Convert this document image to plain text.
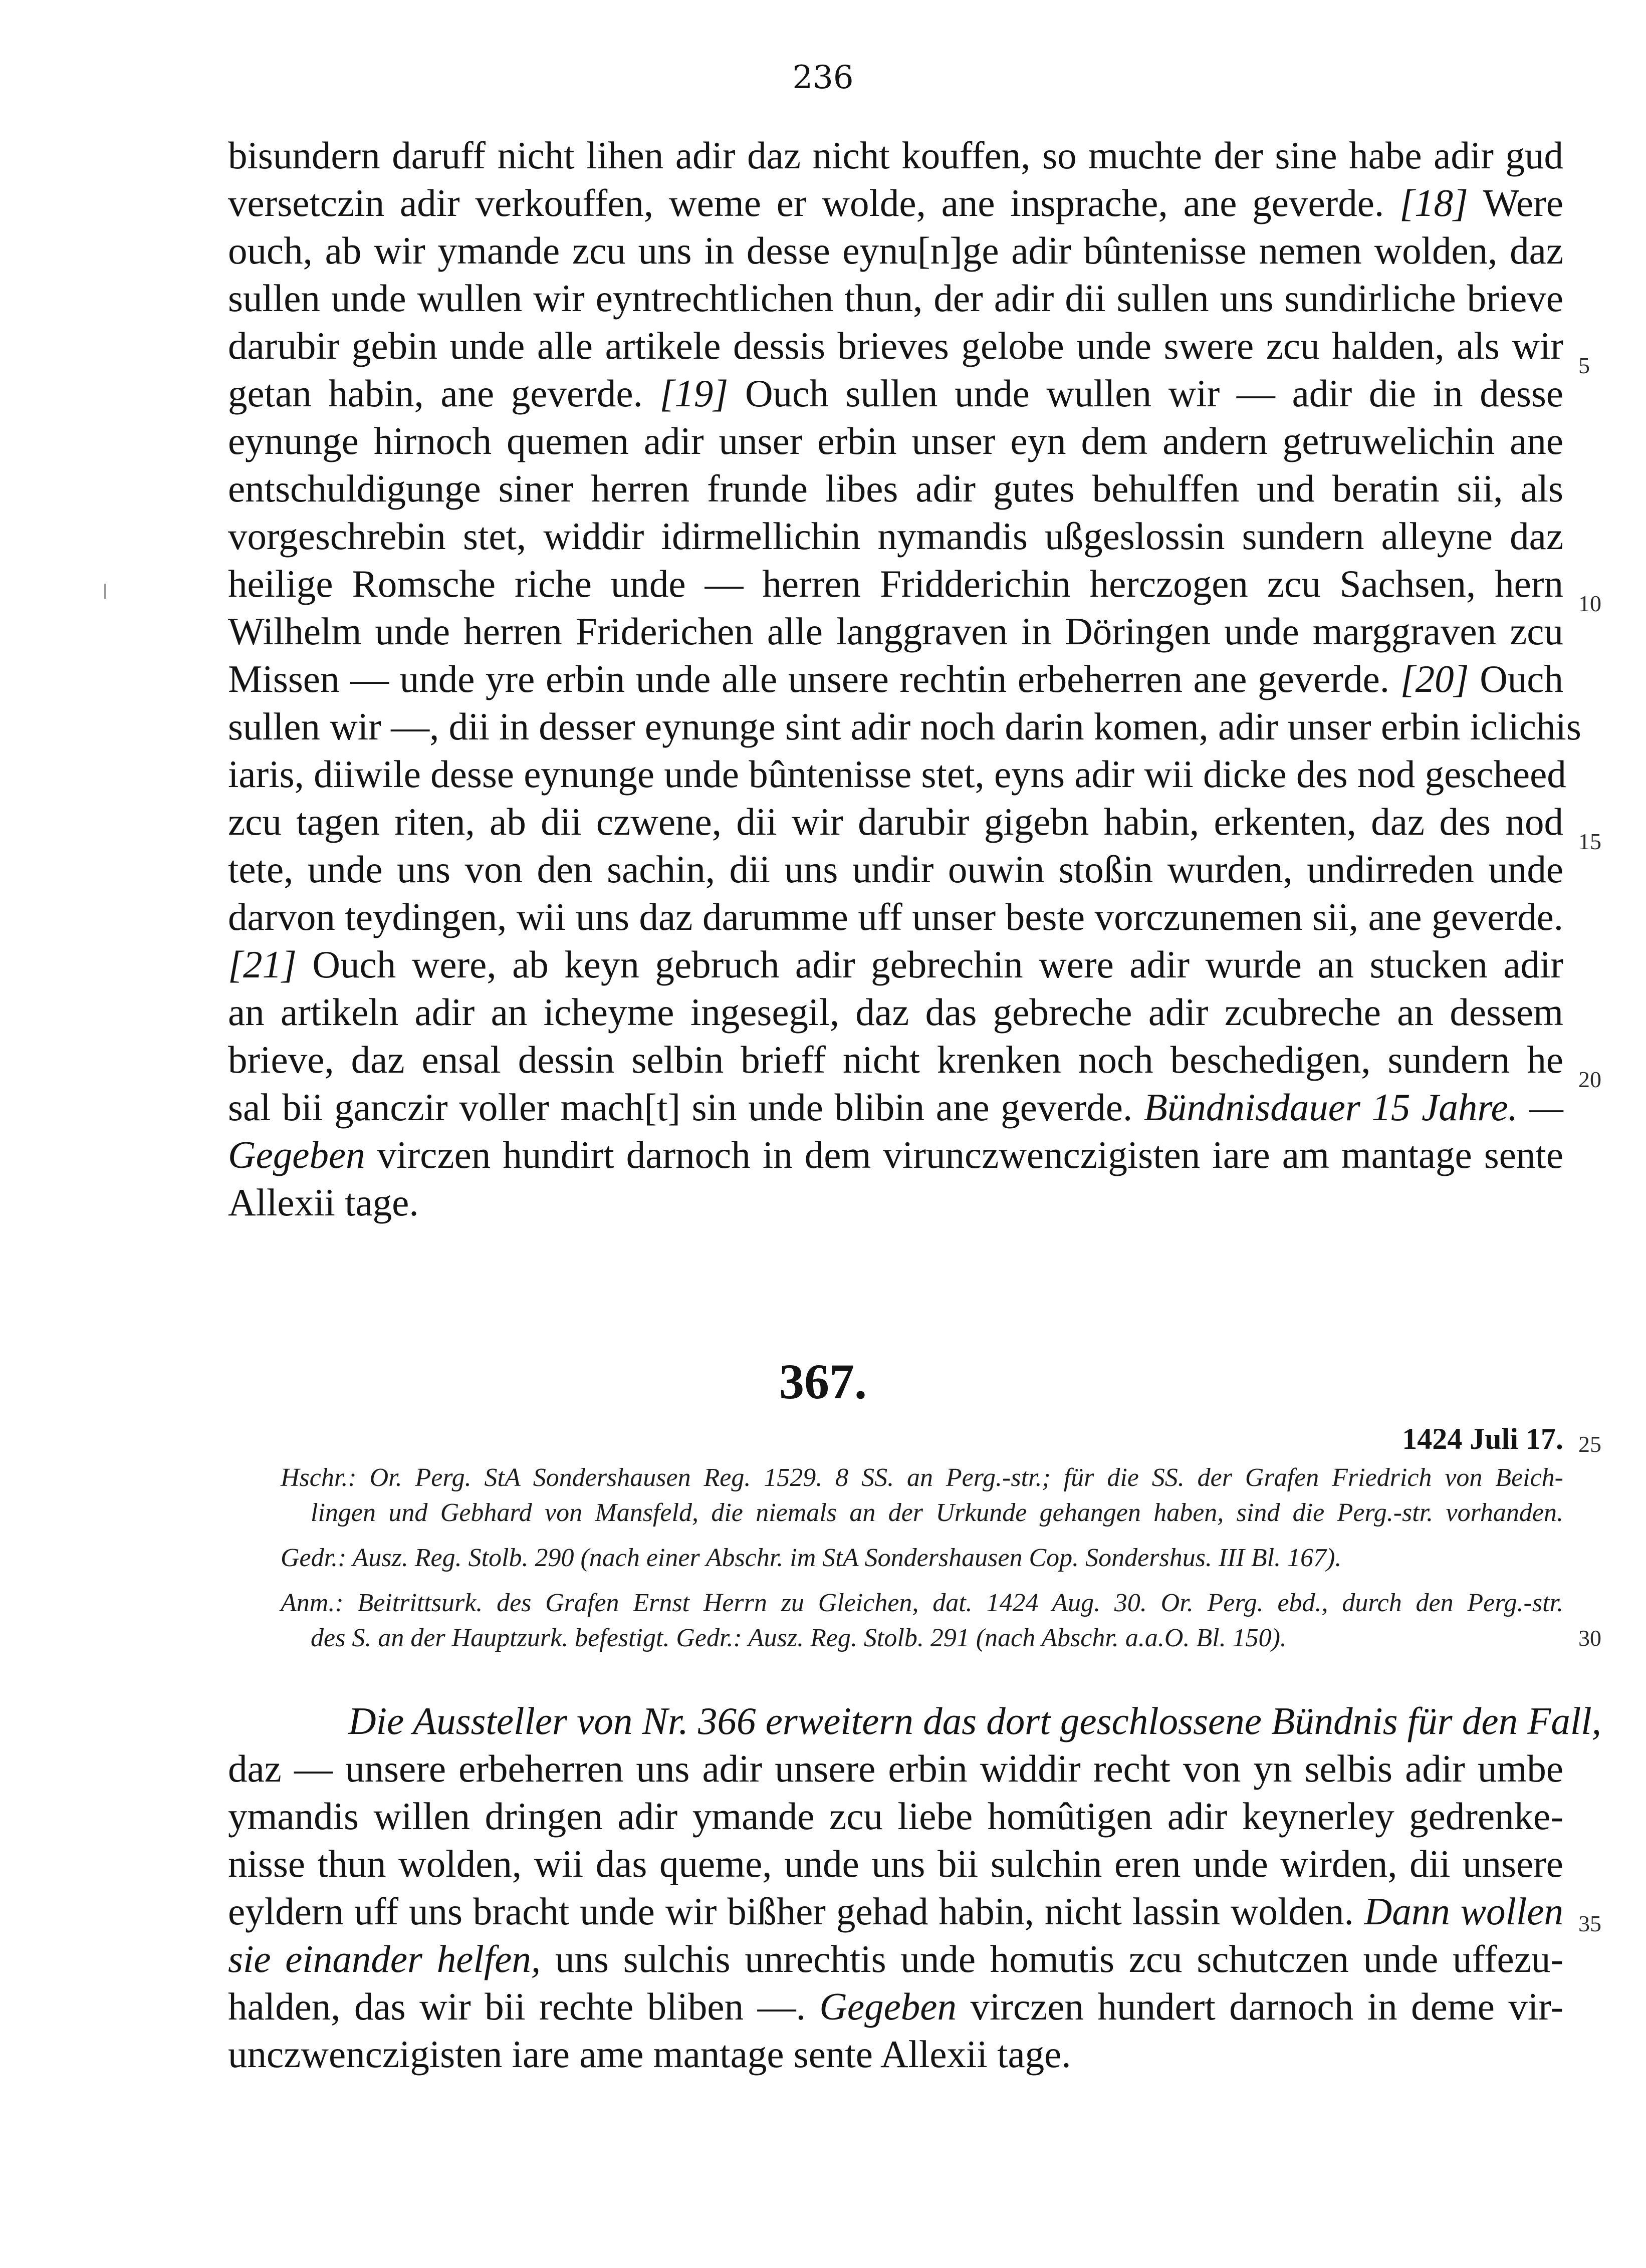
236
bisundern daruff nicht lihen adir daz nicht kouffen, so muchte der sine habe adir gud
versetczin adir verkouffen, weme er wolde, ane insprache, ane geverde. [18] Were
ouch, ab wir ymande zcu uns in desse eynu[n]ge adir bûntenisse nemen wolden, daz
sullen unde wullen wir eyntrechtlichen thun, der adir dii sullen uns sundirliche brieve
darubir gebin unde alle artikele dessis brieves gelobe unde swere zcu halden, als wir
getan habin, ane geverde. [19] Ouch sullen unde wullen wir — adir die in desse
eynunge hirnoch quemen adir unser erbin unser eyn dem andern getruwelichin ane
entschuldigunge siner herren frunde libes adir gutes behulffen und beratin sii, als
vorgeschrebin stet, widdir idirmellichin nymandis ußgeslossin sundern alleyne daz
heilige Romsche riche unde — herren Fridderichin herczogen zcu Sachsen, hern
Wilhelm unde herren Friderichen alle langgraven in Döringen unde marggraven zcu
Missen — unde yre erbin unde alle unsere rechtin erbeherren ane geverde. [20] Ouch
sullen wir —, dii in desser eynunge sint adir noch darin komen, adir unser erbin iclichis
iaris, diiwile desse eynunge unde bûntenisse stet, eyns adir wii dicke des nod gescheed
zcu tagen riten, ab dii czwene, dii wir darubir gigebn habin, erkenten, daz des nod
tete, unde uns von den sachin, dii uns undir ouwin stoßin wurden, undirreden unde
darvon teydingen, wii uns daz darumme uff unser beste vorczunemen sii, ane geverde.
[21] Ouch were, ab keyn gebruch adir gebrechin were adir wurde an stucken adir
an artikeln adir an icheyme ingesegil, daz das gebreche adir zcubreche an dessem
brieve, daz ensal dessin selbin brieff nicht krenken noch beschedigen, sundern he
sal bii ganczir voller mach[t] sin unde blibin ane geverde. Bündnisdauer 15 Jahre. —
Gegeben virczen hundirt darnoch in dem virunczwenczigisten iare am mantage sente
Allexii tage.
5
10
15
20
367.
1424 Juli 17. 25
Hschr.: Or. Perg. StA Sondershausen Reg. 1529. 8 SS. an Perg.-str.; für die SS. der Grafen Friedrich von Beich-
lingen und Gebhard von Mansfeld, die niemals an der Urkunde gehangen haben, sind die Perg.-str. vorhanden.
Gedr.: Ausz. Reg. Stolb. 290 (nach einer Abschr. im StA Sondershausen Cop. Sondershus. III Bl. 167).
Anm.: Beitrittsurk. des Grafen Ernst Herrn zu Gleichen, dat. 1424 Aug. 30. Or. Perg. ebd., durch den Perg.-str.
des S. an der Hauptzurk. befestigt. Gedr.: Ausz. Reg. Stolb. 291 (nach Abschr. a.a.O. Bl. 150).	30
Die Aussteller von Nr. 366 erweitern das dort geschlossene Bündnis für den Fall,
daz — unsere erbeherren uns adir unsere erbin widdir recht von yn selbis adir umbe
ymandis willen dringen adir ymande zcu liebe homûtigen adir keynerley gedrenke-
nisse thun wolden, wii das queme, unde uns bii sulchin eren unde wirden, dii unsere
eyldern uff uns bracht unde wir bißher gehad habin, nicht lassin wolden. Dann wollen
sie einander helfen, uns sulchis unrechtis unde homutis zcu schutczen unde uffezu-
halden, das wir bii rechte bliben —. Gegeben virczen hundert darnoch in deme vir-
unczwenczigisten iare ame mantage sente Allexii tage.
35
